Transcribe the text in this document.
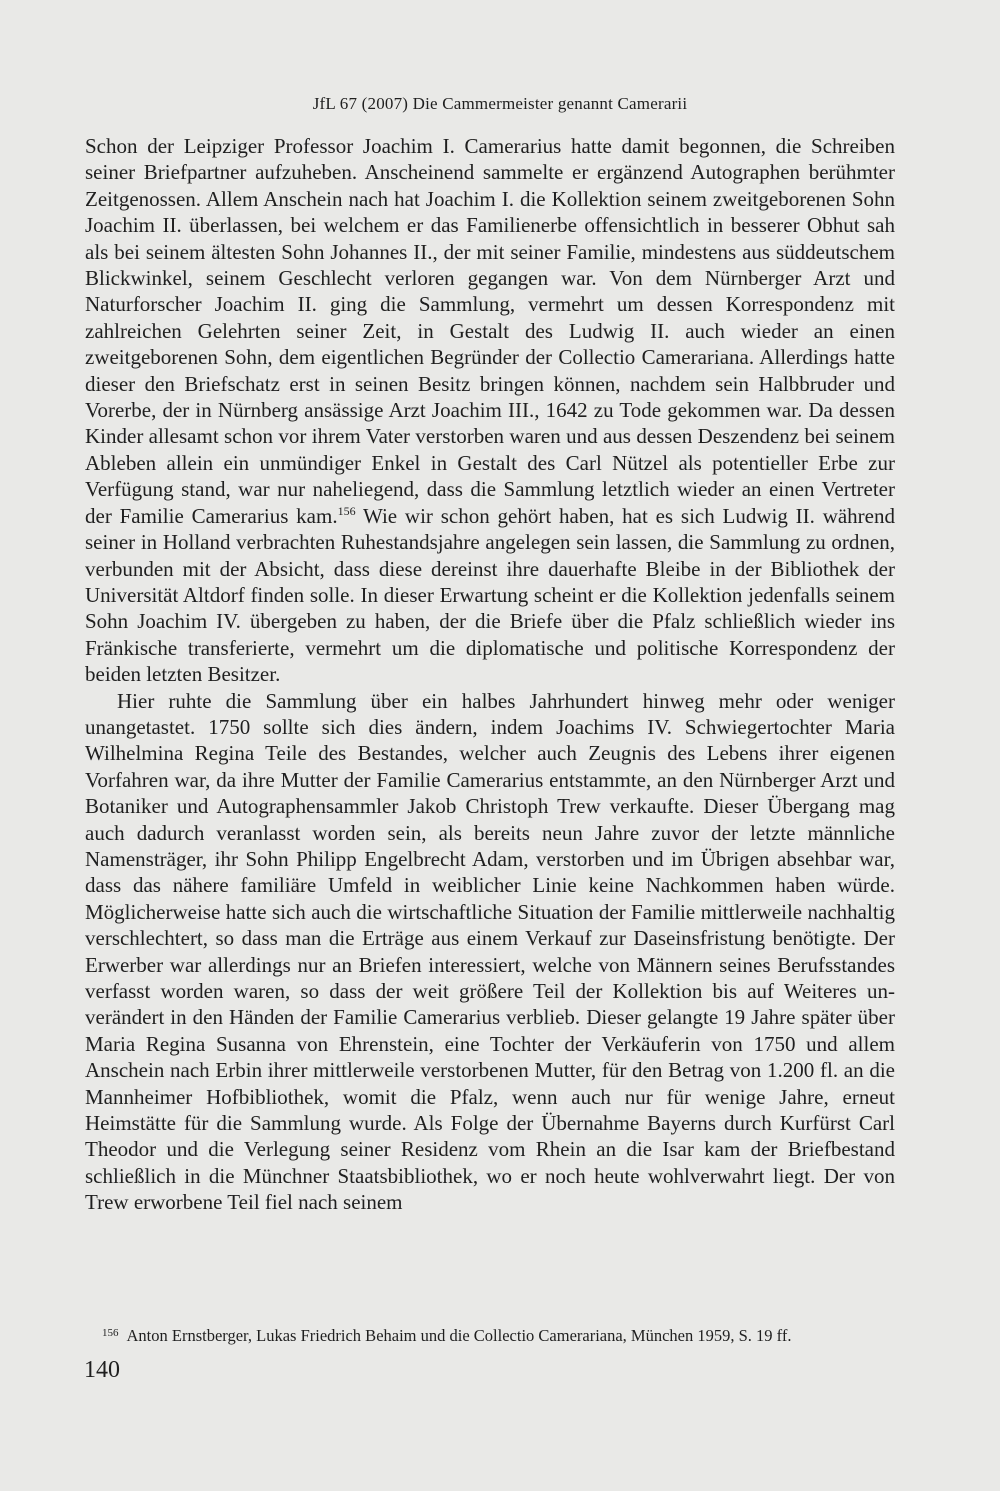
JfL 67 (2007) Die Cammermeister genannt Camerarii

Schon der Leipziger Professor Joachim I. Camerarius hatte damit begonnen, die Schreiben seiner Briefpartner aufzuheben. Anscheinend sammelte er ergänzend Autographen berühmter Zeitgenossen. Allem Anschein nach hat Joachim I. die Kollektion seinem zweitgeborenen Sohn Joachim II. überlassen, bei welchem er das Familienerbe offensichtlich in besserer Obhut sah als bei seinem ältesten Sohn Johannes II., der mit seiner Familie, mindestens aus süddeutschem Blickwinkel, seinem Geschlecht verloren gegangen war. Von dem Nürnberger Arzt und Naturforscher Joachim II. ging die Sammlung, vermehrt um dessen Korrespondenz mit zahlreichen Gelehrten seiner Zeit, in Gestalt des Ludwig II. auch wieder an einen zweitgeborenen Sohn, dem eigentlichen Begründer der Collectio Camerariana. Allerdings hatte dieser den Briefschatz erst in seinen Besitz bringen können, nachdem sein Halbbruder und Vorerbe, der in Nürnberg ansässige Arzt Joachim III., 1642 zu Tode gekommen war. Da dessen Kinder allesamt schon vor ihrem Vater verstorben waren und aus dessen Deszendenz bei seinem Ableben allein ein unmündiger Enkel in Gestalt des Carl Nützel als potentieller Erbe zur Verfügung stand, war nur naheliegend, dass die Sammlung letztlich wieder an einen Vertreter der Familie Camerarius kam.$^{156}$ Wie wir schon gehört haben, hat es sich Ludwig II. während seiner in Holland verbrachten Ruhestandsjahre angelegen sein lassen, die Sammlung zu ordnen, verbunden mit der Absicht, dass diese dereinst ihre dauerhafte Bleibe in der Bibliothek der Universität Altdorf finden solle. In dieser Erwartung scheint er die Kollektion jedenfalls seinem Sohn Joachim IV. übergeben zu haben, der die Briefe über die Pfalz schließlich wieder ins Fränkische transferierte, vermehrt um die diplomatische und politische Korrespondenz der beiden letzten Besitzer.

Hier ruhte die Sammlung über ein halbes Jahrhundert hinweg mehr oder weniger unangetastet. 1750 sollte sich dies ändern, indem Joachims IV. Schwiegertochter Maria Wilhelmina Regina Teile des Bestandes, welcher auch Zeugnis des Lebens ihrer eigenen Vorfahren war, da ihre Mutter der Familie Camerarius entstammte, an den Nürnberger Arzt und Botaniker und Autographensammler Jakob Christoph Trew verkaufte. Dieser Übergang mag auch dadurch veranlasst worden sein, als bereits neun Jahre zuvor der letzte männliche Namensträger, ihr Sohn Philipp Engelbrecht Adam, verstorben und im Übrigen absehbar war, dass das nähere familiäre Umfeld in weiblicher Linie keine Nachkommen haben würde. Möglicherweise hatte sich auch die wirtschaftliche Situation der Familie mittlerweile nachhaltig verschlechtert, so dass man die Erträge aus einem Verkauf zur Daseinsfristung benötigte. Der Erwerber war allerdings nur an Briefen interessiert, welche von Männern seines Berufsstandes verfasst worden waren, so dass der weit größere Teil der Kollektion bis auf Weiteres unverändert in den Händen der Familie Camerarius verblieb. Dieser gelangte 19 Jahre später über Maria Regina Susanna von Ehrenstein, eine Tochter der Verkäuferin von 1750 und allem Anschein nach Erbin ihrer mittlerweile verstorbenen Mutter, für den Betrag von 1.200 fl. an die Mannheimer Hofbibliothek, womit die Pfalz, wenn auch nur für wenige Jahre, erneut Heimstätte für die Sammlung wurde. Als Folge der Übernahme Bayerns durch Kurfürst Carl Theodor und die Verlegung seiner Residenz vom Rhein an die Isar kam der Briefbestand schließlich in die Münchner Staatsbibliothek, wo er noch heute wohlverwahrt liegt. Der von Trew erworbene Teil fiel nach seinem

$^{156}$ Anton Ernstberger, Lukas Friedrich Behaim und die Collectio Camerariana, München 1959, S. 19 ff.
140
